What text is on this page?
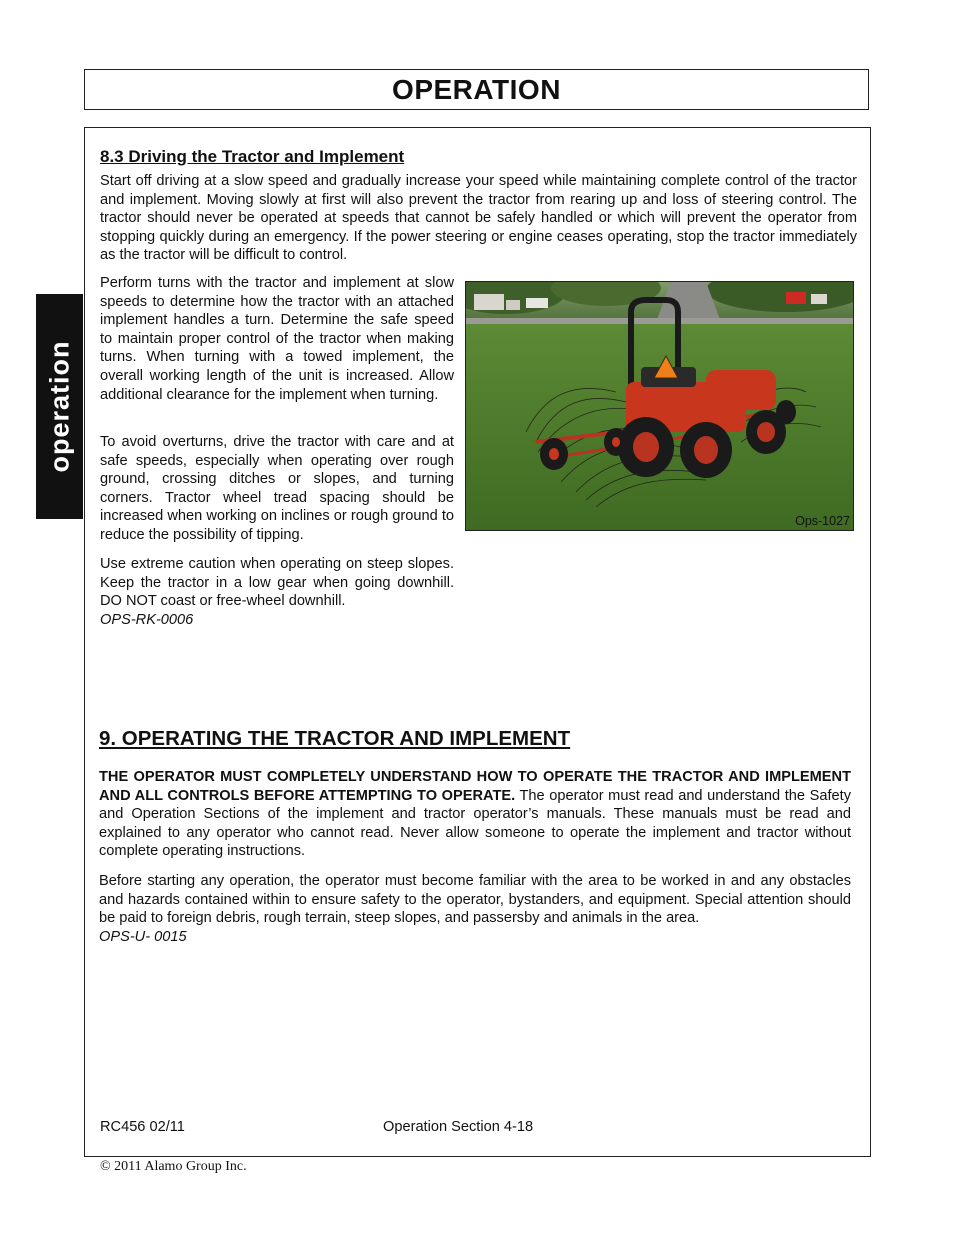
OPERATION
operation
8.3 Driving the Tractor and Implement

Start off driving at a slow speed and gradually increase your speed while maintaining complete control of the tractor and implement. Moving slowly at first will also prevent the tractor from rearing up and loss of steering control. The tractor should never be operated at speeds that cannot be safely handled or which will prevent the operator from stopping quickly during an emergency. If the power steering or engine ceases operating, stop the tractor immediately as the tractor will be difficult to control.

Perform turns with the tractor and implement at slow speeds to determine how the tractor with an attached implement handles a turn. Determine the safe speed to maintain proper control of the tractor when making turns. When turning with a towed implement, the overall working length of the unit is increased. Allow additional clearance for the implement when turning.

To avoid overturns, drive the tractor with care and at safe speeds, especially when operating over rough ground, crossing ditches or slopes, and turning corners. Tractor wheel tread spacing should be increased when working on inclines or rough ground to reduce the possibility of tipping.

Use extreme caution when operating on steep slopes. Keep the tractor in a low gear when going downhill. DO NOT coast or free-wheel downhill.

OPS-RK-0006

Ops-1027
9. OPERATING THE TRACTOR AND IMPLEMENT

THE OPERATOR MUST COMPLETELY UNDERSTAND HOW TO OPERATE THE TRACTOR AND IMPLEMENT AND ALL CONTROLS BEFORE ATTEMPTING TO OPERATE. The operator must read and understand the Safety and Operation Sections of the implement and tractor operator’s manuals. These manuals must be read and explained to any operator who cannot read. Never allow someone to operate the implement and tractor without complete operating instructions.

Before starting any operation, the operator must become familiar with the area to be worked in and any obstacles and hazards contained within to ensure safety to the operator, bystanders, and equipment. Special attention should be paid to foreign debris, rough terrain, steep slopes, and passersby and animals in the area.

OPS-U- 0015

RC456 02/11	Operation Section 4-18
© 2011 Alamo Group Inc.
